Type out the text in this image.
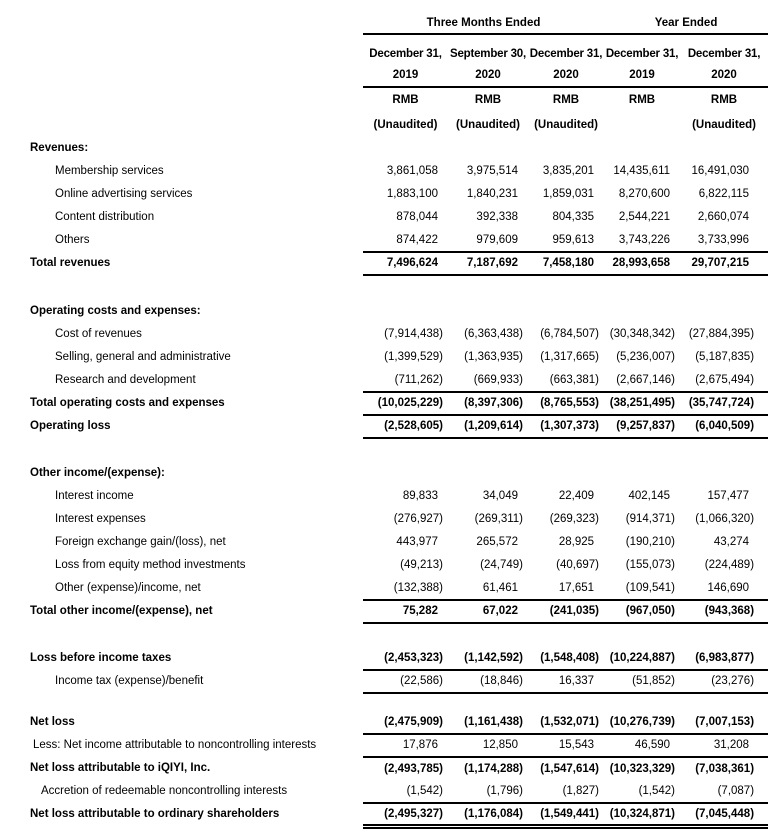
	Three Months Ended			Year Ended	
	December 31,	September 30,	December 31,	December 31,	December 31,
	2019	2020	2020	2019	2020
	RMB	RMB	RMB	RMB	RMB
	(Unaudited)	(Unaudited)	(Unaudited)		(Unaudited)
Revenues:					
Membership services	3,861,058	3,975,514	3,835,201	14,435,611	16,491,030
Online advertising services	1,883,100	1,840,231	1,859,031	8,270,600	6,822,115
Content distribution	878,044	392,338	804,335	2,544,221	2,660,074
Others	874,422	979,609	959,613	3,743,226	3,733,996
Total revenues	7,496,624	7,187,692	7,458,180	28,993,658	29,707,215

Operating costs and expenses:					
Cost of revenues	(7,914,438)	(6,363,438)	(6,784,507)	(30,348,342)	(27,884,395)
Selling, general and administrative	(1,399,529)	(1,363,935)	(1,317,665)	(5,236,007)	(5,187,835)
Research and development	(711,262)	(669,933)	(663,381)	(2,667,146)	(2,675,494)
Total operating costs and expenses	(10,025,229)	(8,397,306)	(8,765,553)	(38,251,495)	(35,747,724)
Operating loss	(2,528,605)	(1,209,614)	(1,307,373)	(9,257,837)	(6,040,509)

Other income/(expense):					
Interest income	89,833	34,049	22,409	402,145	157,477
Interest expenses	(276,927)	(269,311)	(269,323)	(914,371)	(1,066,320)
Foreign exchange gain/(loss), net	443,977	265,572	28,925	(190,210)	43,274
Loss from equity method investments	(49,213)	(24,749)	(40,697)	(155,073)	(224,489)
Other (expense)/income, net	(132,388)	61,461	17,651	(109,541)	146,690
Total other income/(expense), net	75,282	67,022	(241,035)	(967,050)	(943,368)

Loss before income taxes	(2,453,323)	(1,142,592)	(1,548,408)	(10,224,887)	(6,983,877)
Income tax (expense)/benefit	(22,586)	(18,846)	16,337	(51,852)	(23,276)

Net loss	(2,475,909)	(1,161,438)	(1,532,071)	(10,276,739)	(7,007,153)
Less: Net income attributable to noncontrolling interests	17,876	12,850	15,543	46,590	31,208
Net loss attributable to iQIYI, Inc.	(2,493,785)	(1,174,288)	(1,547,614)	(10,323,329)	(7,038,361)
Accretion of redeemable noncontrolling interests	(1,542)	(1,796)	(1,827)	(1,542)	(7,087)
Net loss attributable to ordinary shareholders	(2,495,327)	(1,176,084)	(1,549,441)	(10,324,871)	(7,045,448)
